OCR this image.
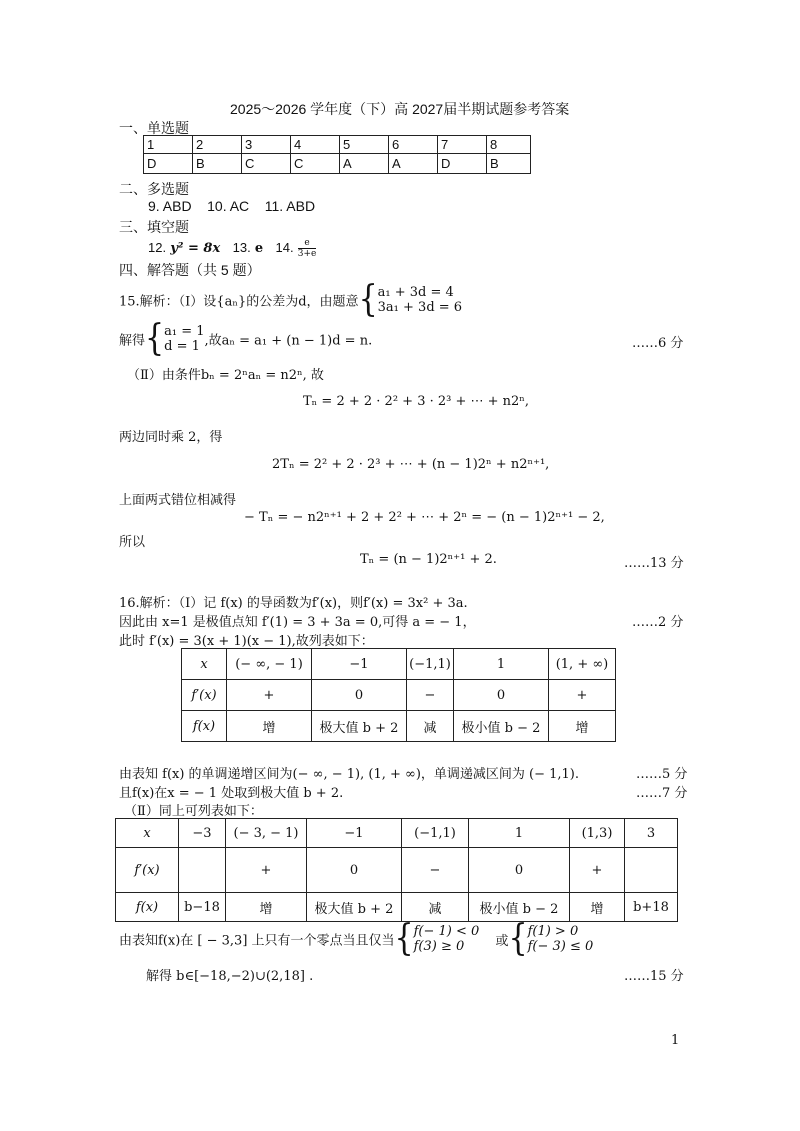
2025～2026 学年度（下）高 2027届半期试题参考答案
一、单选题
1	2	3	4	5	6	7	8
D	B	C	C	A	A	D	B
二、多选题
9. ABD    10. AC    11. ABD
三、填空题
12. y² = 8x 13. e 14. $\frac{e}{3+e}$
四、解答题（共 5 题）
15.解析：（Ⅰ）设{aₙ}的公差为d，由题意{ a₁ + 3d = 4
3a₁ + 3d = 6
解得{ a₁ = 1
d = 1 ,故aₙ = a₁ + (n − 1)d = n.	……6 分
（Ⅱ）由条件bₙ = 2ⁿaₙ = n2ⁿ, 故
Tₙ = 2 + 2 · 2² + 3 · 2³ + ⋯ + n2ⁿ,
两边同时乘 2，得
2Tₙ = 2² + 2 · 2³ + ⋯ + (n − 1)2ⁿ + n2ⁿ⁺¹,
上面两式错位相减得
− Tₙ = − n2ⁿ⁺¹ + 2 + 2² + ⋯ + 2ⁿ = − (n − 1)2ⁿ⁺¹ − 2,
所以
Tₙ = (n − 1)2ⁿ⁺¹ + 2.	……13 分
16.解析：（Ⅰ）记 f(x) 的导函数为f′(x)，则f′(x) = 3x² + 3a.
因此由 x=1 是极值点知 f′(1) = 3 + 3a = 0,可得 a = − 1，	……2 分
此时 f′(x) = 3(x + 1)(x − 1),故列表如下：
x	(− ∞, − 1)	−1	(−1,1)	1	(1, + ∞)
f′(x)	+	0	−	0	+
f(x)	增	极大值 b + 2	减	极小值 b − 2	增
由表知 f(x) 的单调递增区间为(− ∞, − 1), (1, + ∞)，单调递减区间为 (− 1,1).	……5 分
且f(x)在x = − 1 处取到极大值 b + 2.	……7 分
（Ⅱ）同上可列表如下：
x	−3	(− 3, − 1)	−1	(−1,1)	1	(1,3)	3
f′(x)		+	0	−	0	+	
f(x)	b−18	增	极大值 b + 2	减	极小值 b − 2	增	b+18
由表知f(x)在 [ − 3,3] 上只有一个零点当且仅当{ f(− 1) < 0
f(3) ≥ 0	或{ f(1) > 0
f(− 3) ≤ 0
解得 b∈[−18,−2)∪(2,18] .	……15 分
1
